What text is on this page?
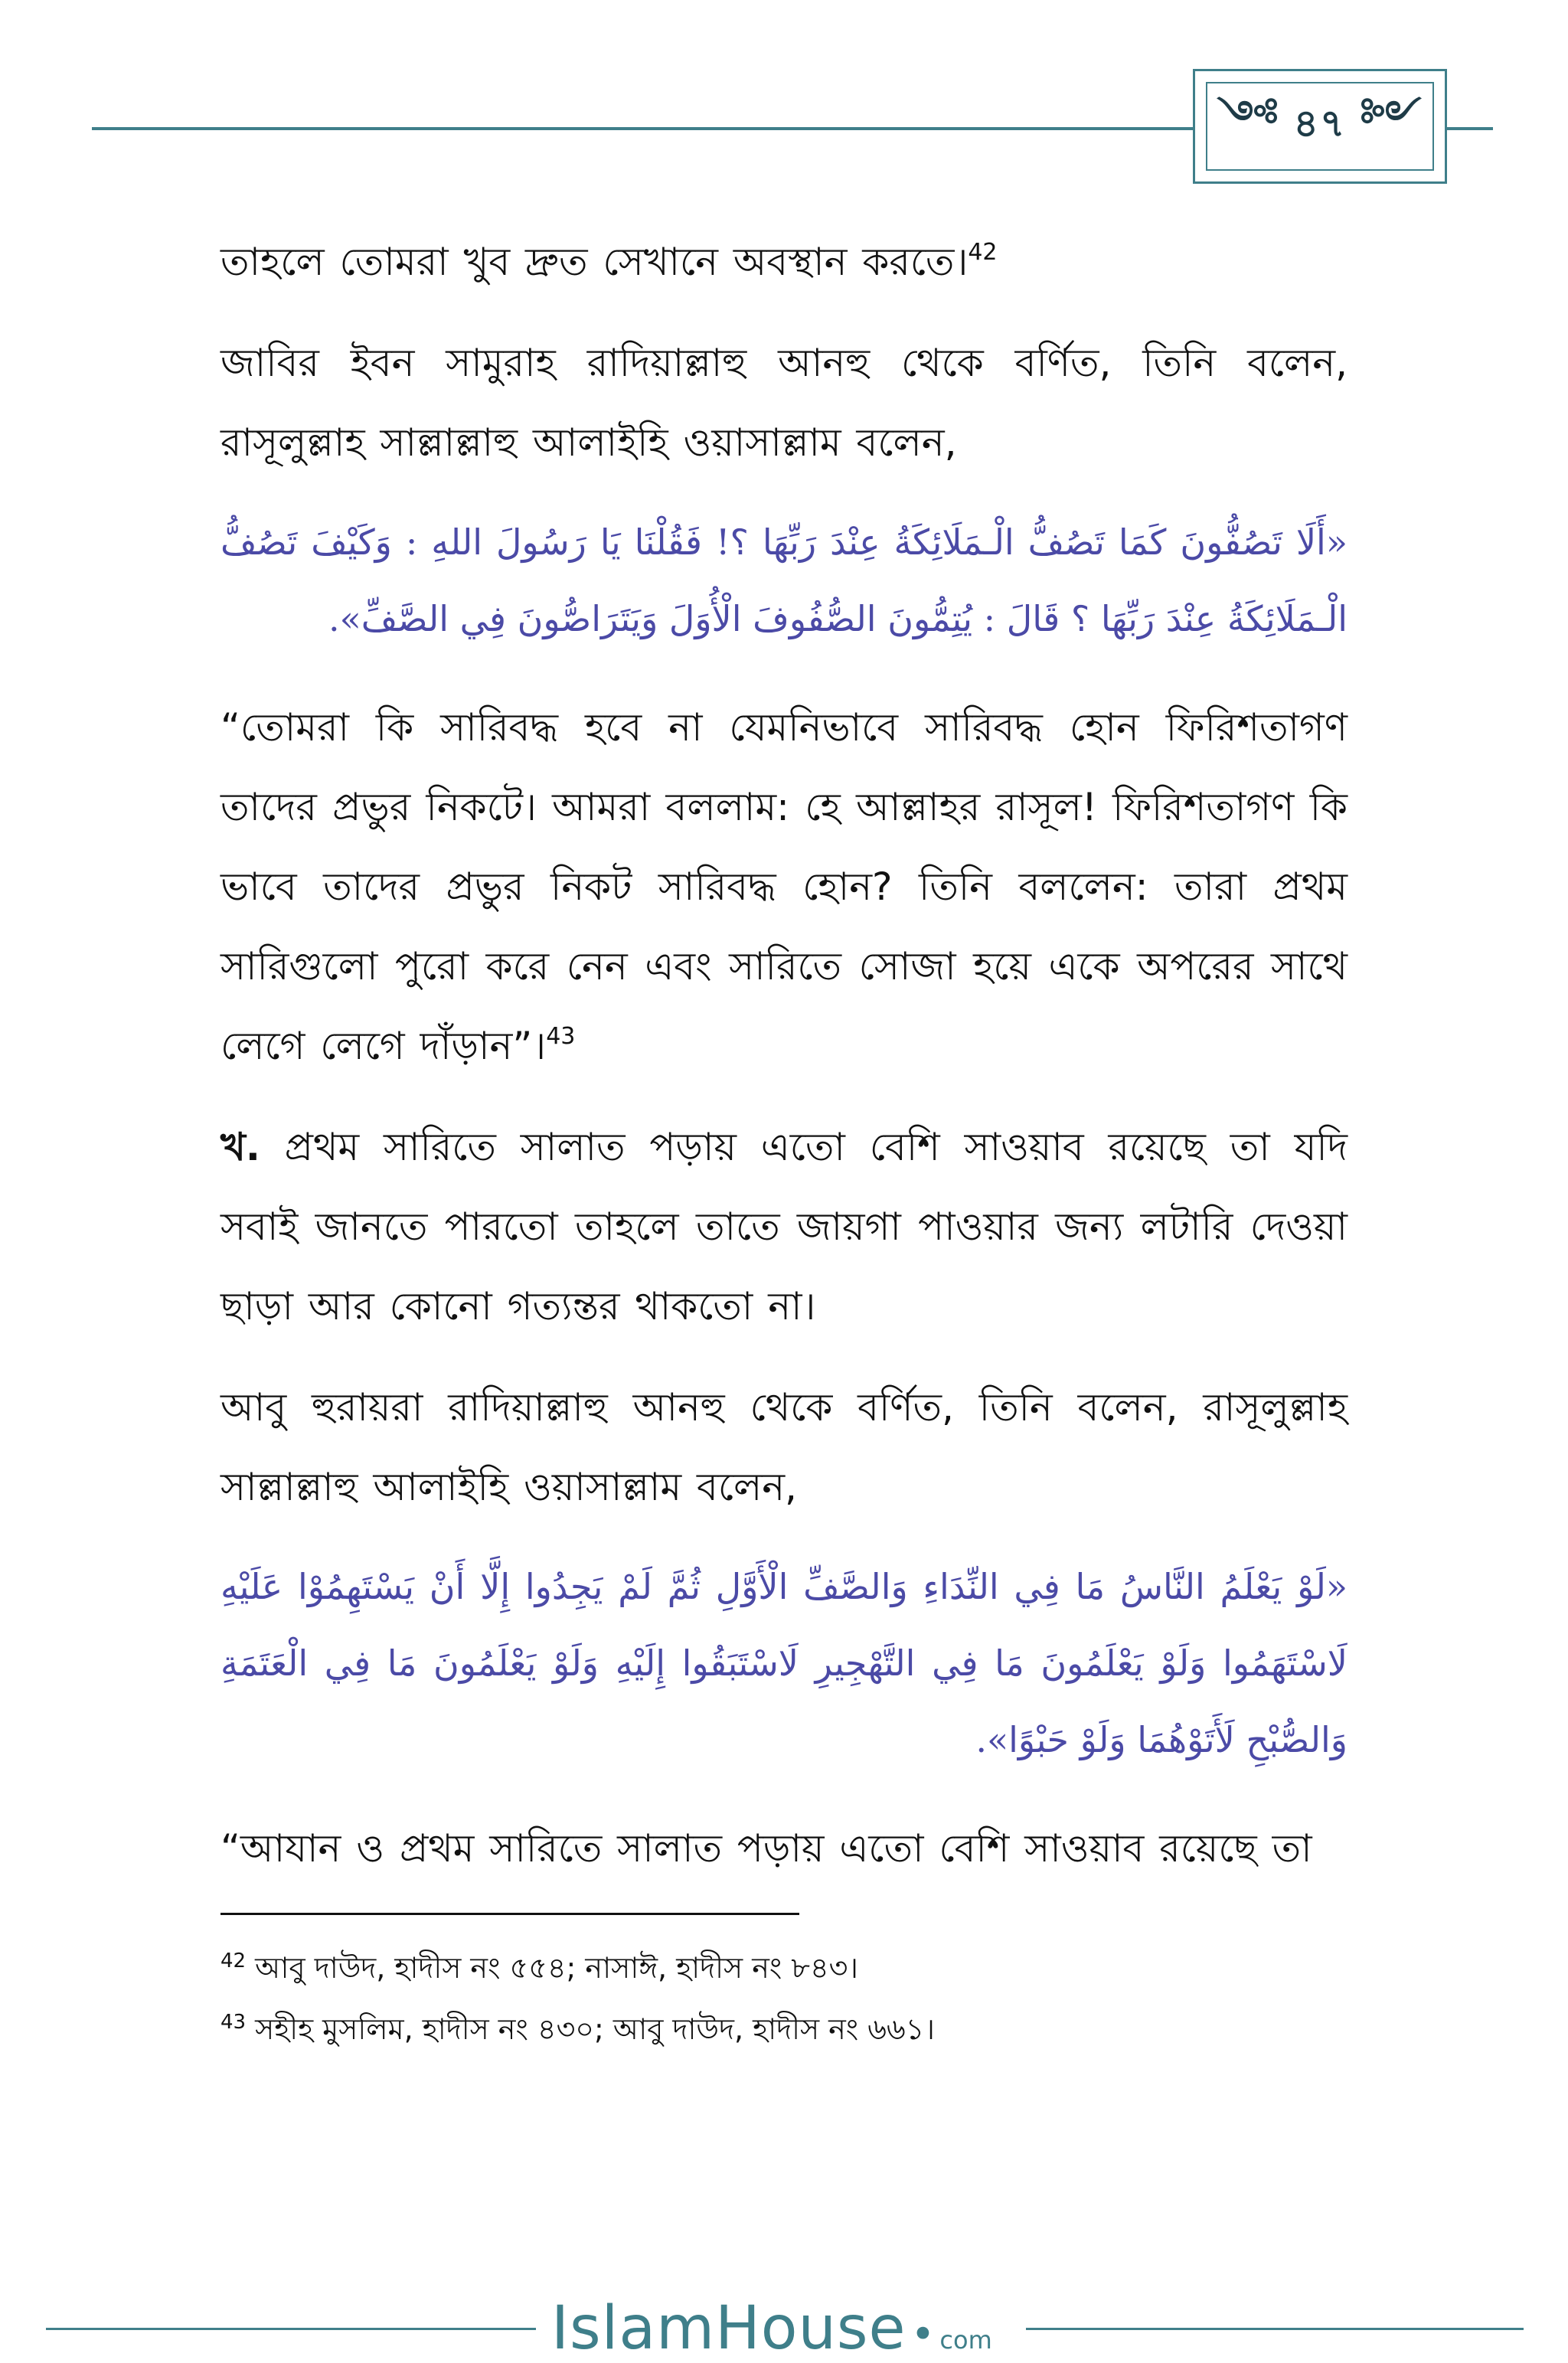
༺ ৪৭ ༻

তাহলে তোমরা খুব দ্রুত সেখানে অবস্থান করতে।$^{42}$

জাবির ইবন সামুরাহ রাদিয়াল্লাহু আনহু থেকে বর্ণিত, তিনি বলেন, রাসূলুল্লাহ সাল্লাল্লাহু আলাইহি ওয়াসাল্লাম বলেন,

«أَلَا تَصُفُّونَ كَمَا تَصُفُّ الْـمَلَائِكَةُ عِنْدَ رَبِّهَا ؟! فَقُلْنَا يَا رَسُولَ اللهِ : وَكَيْفَ تَصُفُّ الْـمَلَائِكَةُ عِنْدَ رَبِّهَا ؟ قَالَ : يُتِمُّونَ الصُّفُوفَ الْأُوَلَ وَيَتَرَاصُّونَ فِي الصَّفِّ».

“তোমরা কি সারিবদ্ধ হবে না যেমনিভাবে সারিবদ্ধ হোন ফিরিশতাগণ তাদের প্রভুর নিকটে। আমরা বললাম: হে আল্লাহর রাসূল! ফিরিশতাগণ কি ভাবে তাদের প্রভুর নিকট সারিবদ্ধ হোন? তিনি বললেন: তারা প্রথম সারিগুলো পুরো করে নেন এবং সারিতে সোজা হয়ে একে অপরের সাথে লেগে লেগে দাঁড়ান”।$^{43}$

খ. প্রথম সারিতে সালাত পড়ায় এতো বেশি সাওয়াব রয়েছে তা যদি সবাই জানতে পারতো তাহলে তাতে জায়গা পাওয়ার জন্য লটারি দেওয়া ছাড়া আর কোনো গত্যন্তর থাকতো না।

আবু হুরায়রা রাদিয়াল্লাহু আনহু থেকে বর্ণিত, তিনি বলেন, রাসূলুল্লাহ সাল্লাল্লাহু আলাইহি ওয়াসাল্লাম বলেন,

«لَوْ يَعْلَمُ النَّاسُ مَا فِي النِّدَاءِ وَالصَّفِّ الْأَوَّلِ ثُمَّ لَمْ يَجِدُوا إِلَّا أَنْ يَسْتَهِمُوْا عَلَيْهِ لَاسْتَهَمُوا وَلَوْ يَعْلَمُونَ مَا فِي التَّهْجِيرِ لَاسْتَبَقُوا إِلَيْهِ وَلَوْ يَعْلَمُونَ مَا فِي الْعَتَمَةِ وَالصُّبْحِ لَأَتَوْهُمَا وَلَوْ حَبْوًا».

“আযান ও প্রথম সারিতে সালাত পড়ায় এতো বেশি সাওয়াব রয়েছে তা

$^{42}$ আবু দাউদ, হাদীস নং ৫৫৪; নাসাঈ, হাদীস নং ৮৪৩।

$^{43}$ সহীহ মুসলিম, হাদীস নং ৪৩০; আবু দাউদ, হাদীস নং ৬৬১।

IslamHouse • com
